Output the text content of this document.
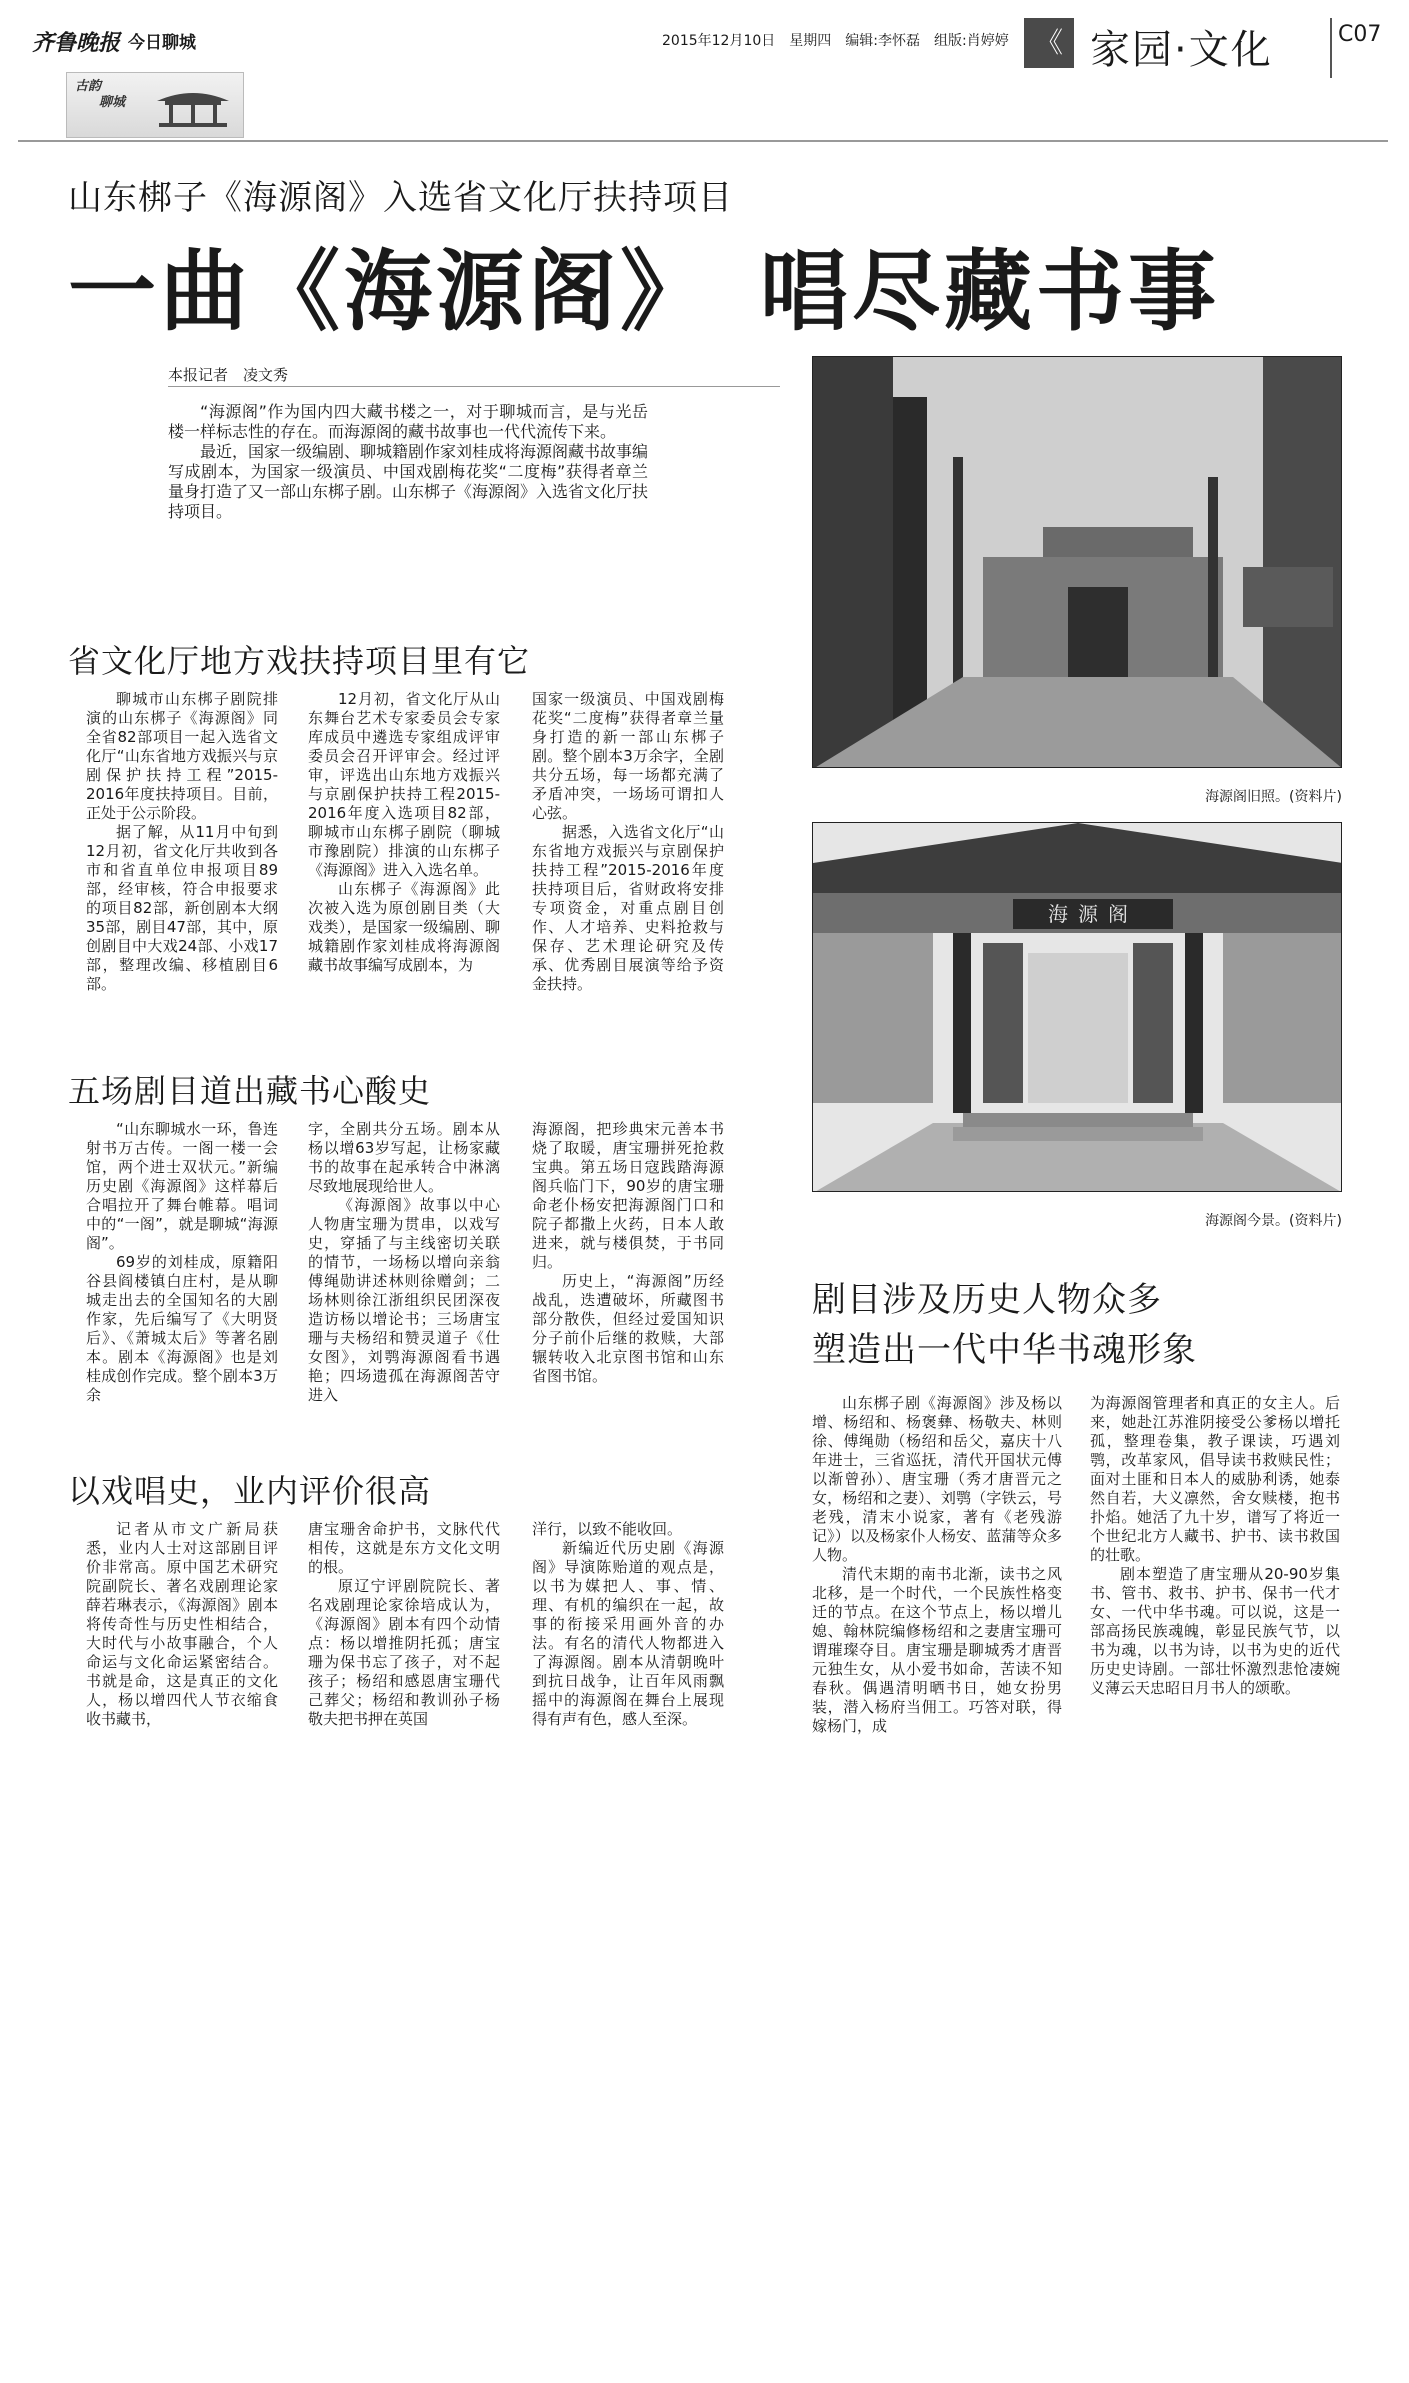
齐鲁晚报 今日聊城	2015年12月10日　星期四　编辑:李怀磊　组版:肖婷婷 《 家园·文化	C07
古韵
聊城
山东梆子《海源阁》入选省文化厅扶持项目
一曲《海源阁》　唱尽藏书事
本报记者　凌文秀

“海源阁”作为国内四大藏书楼之一，对于聊城而言，是与光岳楼一样标志性的存在。而海源阁的藏书故事也一代代流传下来。

最近，国家一级编剧、聊城籍剧作家刘桂成将海源阁藏书故事编写成剧本，为国家一级演员、中国戏剧梅花奖“二度梅”获得者章兰量身打造了又一部山东梆子剧。山东梆子《海源阁》入选省文化厅扶持项目。

省文化厅地方戏扶持项目里有它

聊城市山东梆子剧院排演的山东梆子《海源阁》同全省82部项目一起入选省文化厅“山东省地方戏振兴与京剧保护扶持工程”2015-2016年度扶持项目。目前，正处于公示阶段。

据了解，从11月中旬到12月初，省文化厅共收到各市和省直单位申报项目89部，经审核，符合申报要求的项目82部，新创剧本大纲35部，剧目47部，其中，原创剧目中大戏24部、小戏17部，整理改编、移植剧目6部。

12月初，省文化厅从山东舞台艺术专家委员会专家库成员中遴选专家组成评审委员会召开评审会。经过评审，评选出山东地方戏振兴与京剧保护扶持工程2015-2016年度入选项目82部，聊城市山东梆子剧院（聊城市豫剧院）排演的山东梆子《海源阁》进入入选名单。

山东梆子《海源阁》此次被入选为原创剧目类（大戏类），是国家一级编剧、聊城籍剧作家刘桂成将海源阁藏书故事编写成剧本，为

国家一级演员、中国戏剧梅花奖“二度梅”获得者章兰量身打造的新一部山东梆子剧。整个剧本3万余字，全剧共分五场，每一场都充满了矛盾冲突，一场场可谓扣人心弦。

据悉，入选省文化厅“山东省地方戏振兴与京剧保护扶持工程”2015-2016年度扶持项目后，省财政将安排专项资金，对重点剧目创作、人才培养、史料抢救与保存、艺术理论研究及传承、优秀剧目展演等给予资金扶持。

五场剧目道出藏书心酸史

“山东聊城水一环，鲁连射书万古传。一阁一楼一会馆，两个进士双状元。”新编历史剧《海源阁》这样幕后合唱拉开了舞台帷幕。唱词中的“一阁”，就是聊城“海源阁”。

69岁的刘桂成，原籍阳谷县阎楼镇白庄村，是从聊城走出去的全国知名的大剧作家，先后编写了《大明贤后》、《萧城太后》等著名剧本。剧本《海源阁》也是刘桂成创作完成。整个剧本3万余

字，全剧共分五场。剧本从杨以增63岁写起，让杨家藏书的故事在起承转合中淋漓尽致地展现给世人。

《海源阁》故事以中心人物唐宝珊为贯串，以戏写史，穿插了与主线密切关联的情节，一场杨以增向亲翁傅绳勋讲述林则徐赠剑；二场林则徐江浙组织民团深夜造访杨以增论书；三场唐宝珊与夫杨绍和赞灵道子《仕女图》，刘鹗海源阁看书遇艳；四场遗孤在海源阁苦守进入

海源阁，把珍典宋元善本书烧了取暖，唐宝珊拼死抢救宝典。第五场日寇践踏海源阁兵临门下，90岁的唐宝珊命老仆杨安把海源阁门口和院子都撒上火药，日本人敢进来，就与楼俱焚，于书同归。

历史上，“海源阁”历经战乱，迭遭破坏，所藏图书部分散佚，但经过爱国知识分子前仆后继的救赎，大部辗转收入北京图书馆和山东省图书馆。

以戏唱史，业内评价很高

记者从市文广新局获悉，业内人士对这部剧目评价非常高。原中国艺术研究院副院长、著名戏剧理论家薛若琳表示，《海源阁》剧本将传奇性与历史性相结合，大时代与小故事融合，个人命运与文化命运紧密结合。书就是命，这是真正的文化人，杨以增四代人节衣缩食收书藏书，

唐宝珊舍命护书，文脉代代相传，这就是东方文化文明的根。

原辽宁评剧院院长、著名戏剧理论家徐培成认为，《海源阁》剧本有四个动情点：杨以增推阴托孤；唐宝珊为保书忘了孩子，对不起孩子；杨绍和感恩唐宝珊代己葬父；杨绍和教训孙子杨敬夫把书押在英国

洋行，以致不能收回。

新编近代历史剧《海源阁》导演陈贻道的观点是，以书为媒把人、事、情、理、有机的编织在一起，故事的衔接采用画外音的办法。有名的清代人物都进入了海源阁。剧本从清朝晚叶到抗日战争，让百年风雨飘摇中的海源阁在舞台上展现得有声有色，感人至深。

海源阁旧照。(资料片)
海源阁
海源阁今景。(资料片)
剧目涉及历史人物众多
塑造出一代中华书魂形象

山东梆子剧《海源阁》涉及杨以增、杨绍和、杨褒彝、杨敬夫、林则徐、傅绳勋（杨绍和岳父，嘉庆十八年进士，三省巡抚，清代开国状元傅以渐曾孙）、唐宝珊（秀才唐晋元之女，杨绍和之妻）、刘鹗（字铁云，号老残，清末小说家，著有《老残游记》）以及杨家仆人杨安、蓝蒲等众多人物。

清代末期的南书北渐，读书之风北移，是一个时代，一个民族性格变迁的节点。在这个节点上，杨以增儿媳、翰林院编修杨绍和之妻唐宝珊可谓璀璨夺目。唐宝珊是聊城秀才唐晋元独生女，从小爱书如命，苦读不知春秋。偶遇清明晒书日，她女扮男装，潜入杨府当佣工。巧答对联，得嫁杨门，成

为海源阁管理者和真正的女主人。后来，她赴江苏淮阴接受公爹杨以增托孤，整理卷集，教子课读，巧遇刘鹗，改革家风，倡导读书救赎民性；面对土匪和日本人的威胁利诱，她泰然自若，大义凛然，舍女赎楼，抱书扑焰。她活了九十岁，谱写了将近一个世纪北方人藏书、护书、读书救国的壮歌。

剧本塑造了唐宝珊从20-90岁集书、管书、救书、护书、保书一代才女、一代中华书魂。可以说，这是一部高扬民族魂魄，彰显民族气节，以书为魂，以书为诗，以书为史的近代历史史诗剧。一部壮怀激烈悲怆凄婉义薄云天忠昭日月书人的颂歌。
